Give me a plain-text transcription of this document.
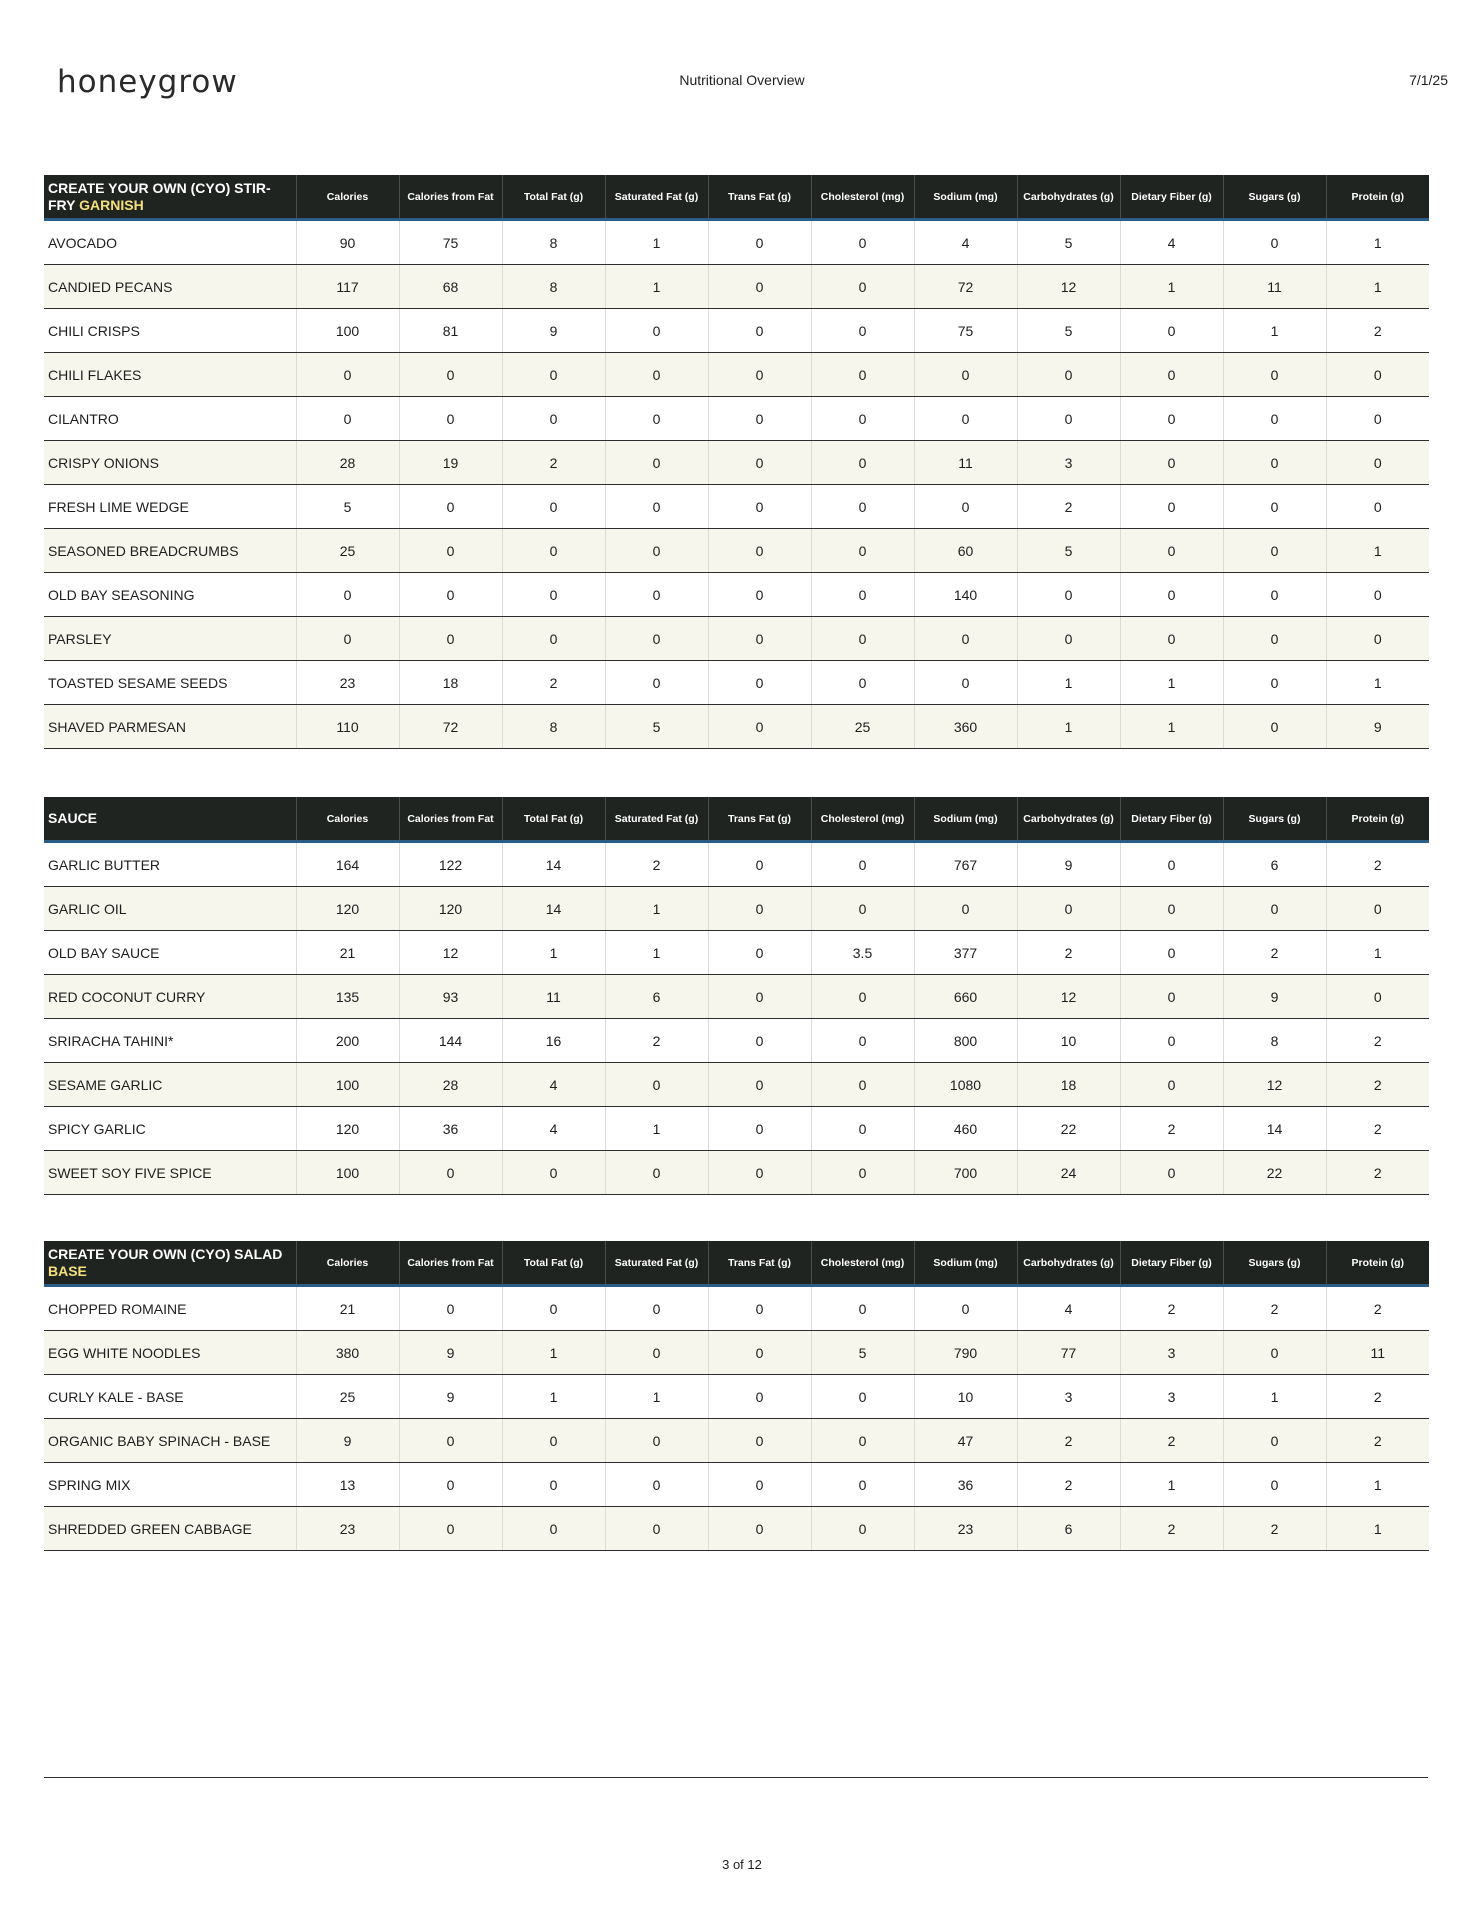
honeygrow	Nutritional Overview	7/1/25
CREATE YOUR OWN (CYO) STIR-FRY GARNISH	Calories	Calories from Fat	Total Fat (g)	Saturated Fat (g)	Trans Fat (g)	Cholesterol (mg)	Sodium (mg)	Carbohydrates (g)	Dietary Fiber (g)	Sugars (g)	Protein (g)
AVOCADO	90	75	8	1	0	0	4	5	4	0	1
CANDIED PECANS	117	68	8	1	0	0	72	12	1	11	1
CHILI CRISPS	100	81	9	0	0	0	75	5	0	1	2
CHILI FLAKES	0	0	0	0	0	0	0	0	0	0	0
CILANTRO	0	0	0	0	0	0	0	0	0	0	0
CRISPY ONIONS	28	19	2	0	0	0	11	3	0	0	0
FRESH LIME WEDGE	5	0	0	0	0	0	0	2	0	0	0
SEASONED BREADCRUMBS	25	0	0	0	0	0	60	5	0	0	1
OLD BAY SEASONING	0	0	0	0	0	0	140	0	0	0	0
PARSLEY	0	0	0	0	0	0	0	0	0	0	0
TOASTED SESAME SEEDS	23	18	2	0	0	0	0	1	1	0	1
SHAVED PARMESAN	110	72	8	5	0	25	360	1	1	0	9
SAUCE	Calories	Calories from Fat	Total Fat (g)	Saturated Fat (g)	Trans Fat (g)	Cholesterol (mg)	Sodium (mg)	Carbohydrates (g)	Dietary Fiber (g)	Sugars (g)	Protein (g)
GARLIC BUTTER	164	122	14	2	0	0	767	9	0	6	2
GARLIC OIL	120	120	14	1	0	0	0	0	0	0	0
OLD BAY SAUCE	21	12	1	1	0	3.5	377	2	0	2	1
RED COCONUT CURRY	135	93	11	6	0	0	660	12	0	9	0
SRIRACHA TAHINI*	200	144	16	2	0	0	800	10	0	8	2
SESAME GARLIC	100	28	4	0	0	0	1080	18	0	12	2
SPICY GARLIC	120	36	4	1	0	0	460	22	2	14	2
SWEET SOY FIVE SPICE	100	0	0	0	0	0	700	24	0	22	2
CREATE YOUR OWN (CYO) SALAD BASE	Calories	Calories from Fat	Total Fat (g)	Saturated Fat (g)	Trans Fat (g)	Cholesterol (mg)	Sodium (mg)	Carbohydrates (g)	Dietary Fiber (g)	Sugars (g)	Protein (g)
CHOPPED ROMAINE	21	0	0	0	0	0	0	4	2	2	2
EGG WHITE NOODLES	380	9	1	0	0	5	790	77	3	0	11
CURLY KALE - BASE	25	9	1	1	0	0	10	3	3	1	2
ORGANIC BABY SPINACH - BASE	9	0	0	0	0	0	47	2	2	0	2
SPRING MIX	13	0	0	0	0	0	36	2	1	0	1
SHREDDED GREEN CABBAGE	23	0	0	0	0	0	23	6	2	2	1
3 of 12
